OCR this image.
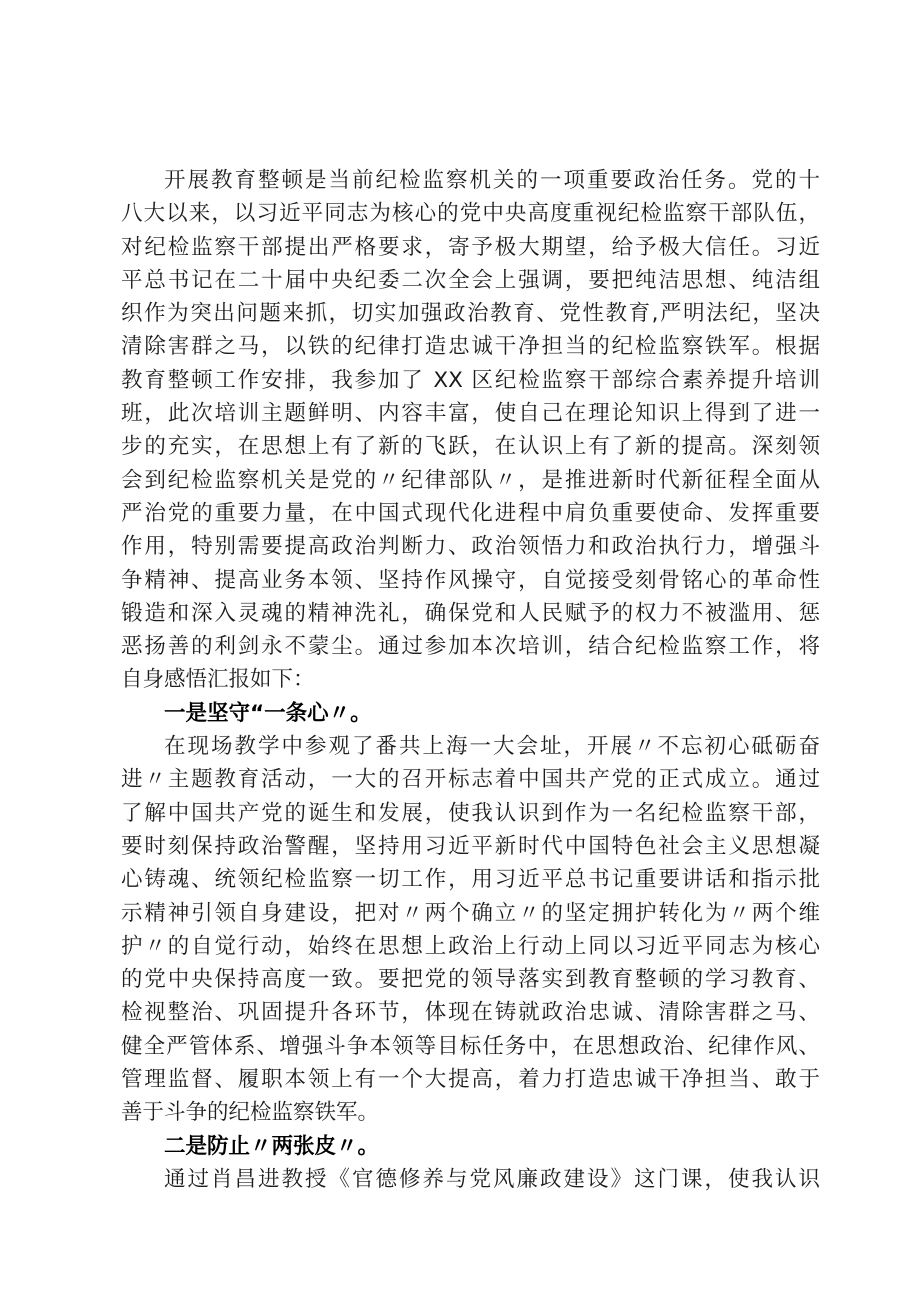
开展教育整顿是当前纪检监察机关的一项重要政治任务。党的十
八大以来，以习近平同志为核心的党中央高度重视纪检监察干部队伍，
对纪检监察干部提出严格要求，寄予极大期望，给予极大信任。习近
平总书记在二十届中央纪委二次全会上强调，要把纯洁思想、纯洁组
织作为突出问题来抓，切实加强政治教育、党性教育,严明法纪，坚决
清除害群之马，以铁的纪律打造忠诚干净担当的纪检监察铁军。根据
教育整顿工作安排，我参加了 XX 区纪检监察干部综合素养提升培训
班，此次培训主题鲜明、内容丰富，使自己在理论知识上得到了进一
步的充实，在思想上有了新的飞跃，在认识上有了新的提高。深刻领
会到纪检监察机关是党的〃纪律部队〃，是推进新时代新征程全面从
严治党的重要力量，在中国式现代化进程中肩负重要使命、发挥重要
作用，特别需要提高政治判断力、政治领悟力和政治执行力，增强斗
争精神、提高业务本领、坚持作风操守，自觉接受刻骨铭心的革命性
锻造和深入灵魂的精神洗礼，确保党和人民赋予的权力不被滥用、惩
恶扬善的利剑永不蒙尘。通过参加本次培训，结合纪检监察工作，将
自身感悟汇报如下：
一是坚守“一条心〃。
在现场教学中参观了番共上海一大会址，开展〃不忘初心砥砺奋
进〃主题教育活动，一大的召开标志着中国共产党的正式成立。通过
了解中国共产党的诞生和发展，使我认识到作为一名纪检监察干部，
要时刻保持政治警醒，坚持用习近平新时代中国特色社会主义思想凝
心铸魂、统领纪检监察一切工作，用习近平总书记重要讲话和指示批
示精神引领自身建设，把对〃两个确立〃的坚定拥护转化为〃两个维
护〃的自觉行动，始终在思想上政治上行动上同以习近平同志为核心
的党中央保持高度一致。要把党的领导落实到教育整顿的学习教育、
检视整治、巩固提升各环节，体现在铸就政治忠诚、清除害群之马、
健全严管体系、增强斗争本领等目标任务中，在思想政治、纪律作风、
管理监督、履职本领上有一个大提高，着力打造忠诚干净担当、敢于
善于斗争的纪检监察铁军。
二是防止〃两张皮〃。
通过肖昌进教授《官德修养与党风廉政建设》这门课，使我认识
